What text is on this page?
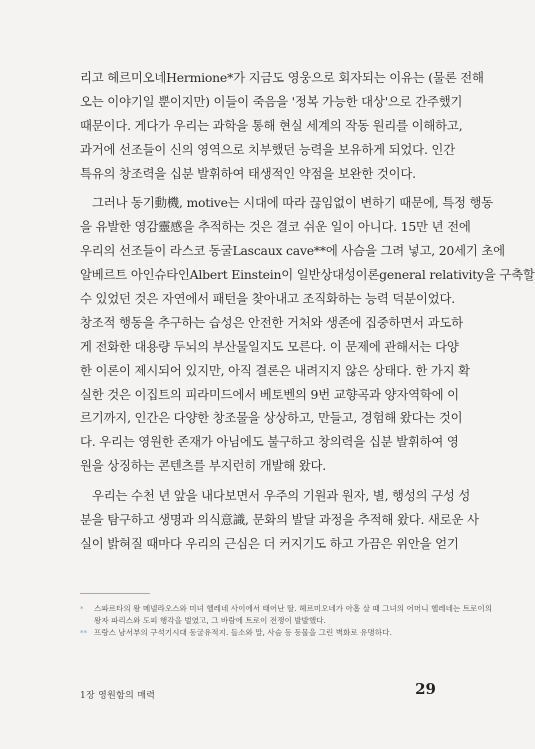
리고 헤르미오네Hermione*가 지금도 영웅으로 회자되는 이유는 (물론 전해
오는 이야기일 뿐이지만) 이들이 죽음을 '정복 가능한 대상'으로 간주했기
때문이다. 게다가 우리는 과학을 통해 현실 세계의 작동 원리를 이해하고,
과거에 선조들이 신의 영역으로 치부했던 능력을 보유하게 되었다. 인간
특유의 창조력을 십분 발휘하여 태생적인 약점을 보완한 것이다.
그러나 동기動機, motive는 시대에 따라 끊임없이 변하기 때문에, 특정 행동
을 유발한 영감靈感을 추적하는 것은 결코 쉬운 일이 아니다. 15만 년 전에
우리의 선조들이 라스코 동굴Lascaux cave**에 사슴을 그려 넣고, 20세기 초에
알베르트 아인슈타인Albert Einstein이 일반상대성이론general relativity을 구축할
수 있었던 것은 자연에서 패턴을 찾아내고 조직화하는 능력 덕분이었다.
창조적 행동을 추구하는 습성은 안전한 거처와 생존에 집중하면서 과도하
게 전화한 대용량 두뇌의 부산물일지도 모른다. 이 문제에 관해서는 다양
한 이론이 제시되어 있지만, 아직 결론은 내려지지 않은 상태다. 한 가지 확
실한 것은 이집트의 피라미드에서 베토벤의 9번 교향곡과 양자역학에 이
르기까지, 인간은 다양한 창조물을 상상하고, 만들고, 경험해 왔다는 것이
다. 우리는 영원한 존재가 아님에도 불구하고 창의력을 십분 발휘하여 영
원을 상징하는 콘텐츠를 부지런히 개발해 왔다.
우리는 수천 년 앞을 내다보면서 우주의 기원과 원자, 별, 행성의 구성 성
분을 탐구하고 생명과 의식意識, 문화의 발달 과정을 추적해 왔다. 새로운 사
실이 밝혀질 때마다 우리의 근심은 더 커지기도 하고 가끔은 위안을 얻기
*	스파르타의 왕 메넬라오스와 미녀 헬레네 사이에서 태어난 딸. 헤르미오네가 아홉 살 때 그녀의 어머니 헬레네는 트로이의
왕자 파리스와 도피 행각을 벌였고, 그 바람에 트로이 전쟁이 발발했다.
** 프랑스 남서부의 구석기시대 동굴유적지. 들소와 말, 사슴 등 동물을 그린 벽화로 유명하다.
1장 영원함의 매력	29
